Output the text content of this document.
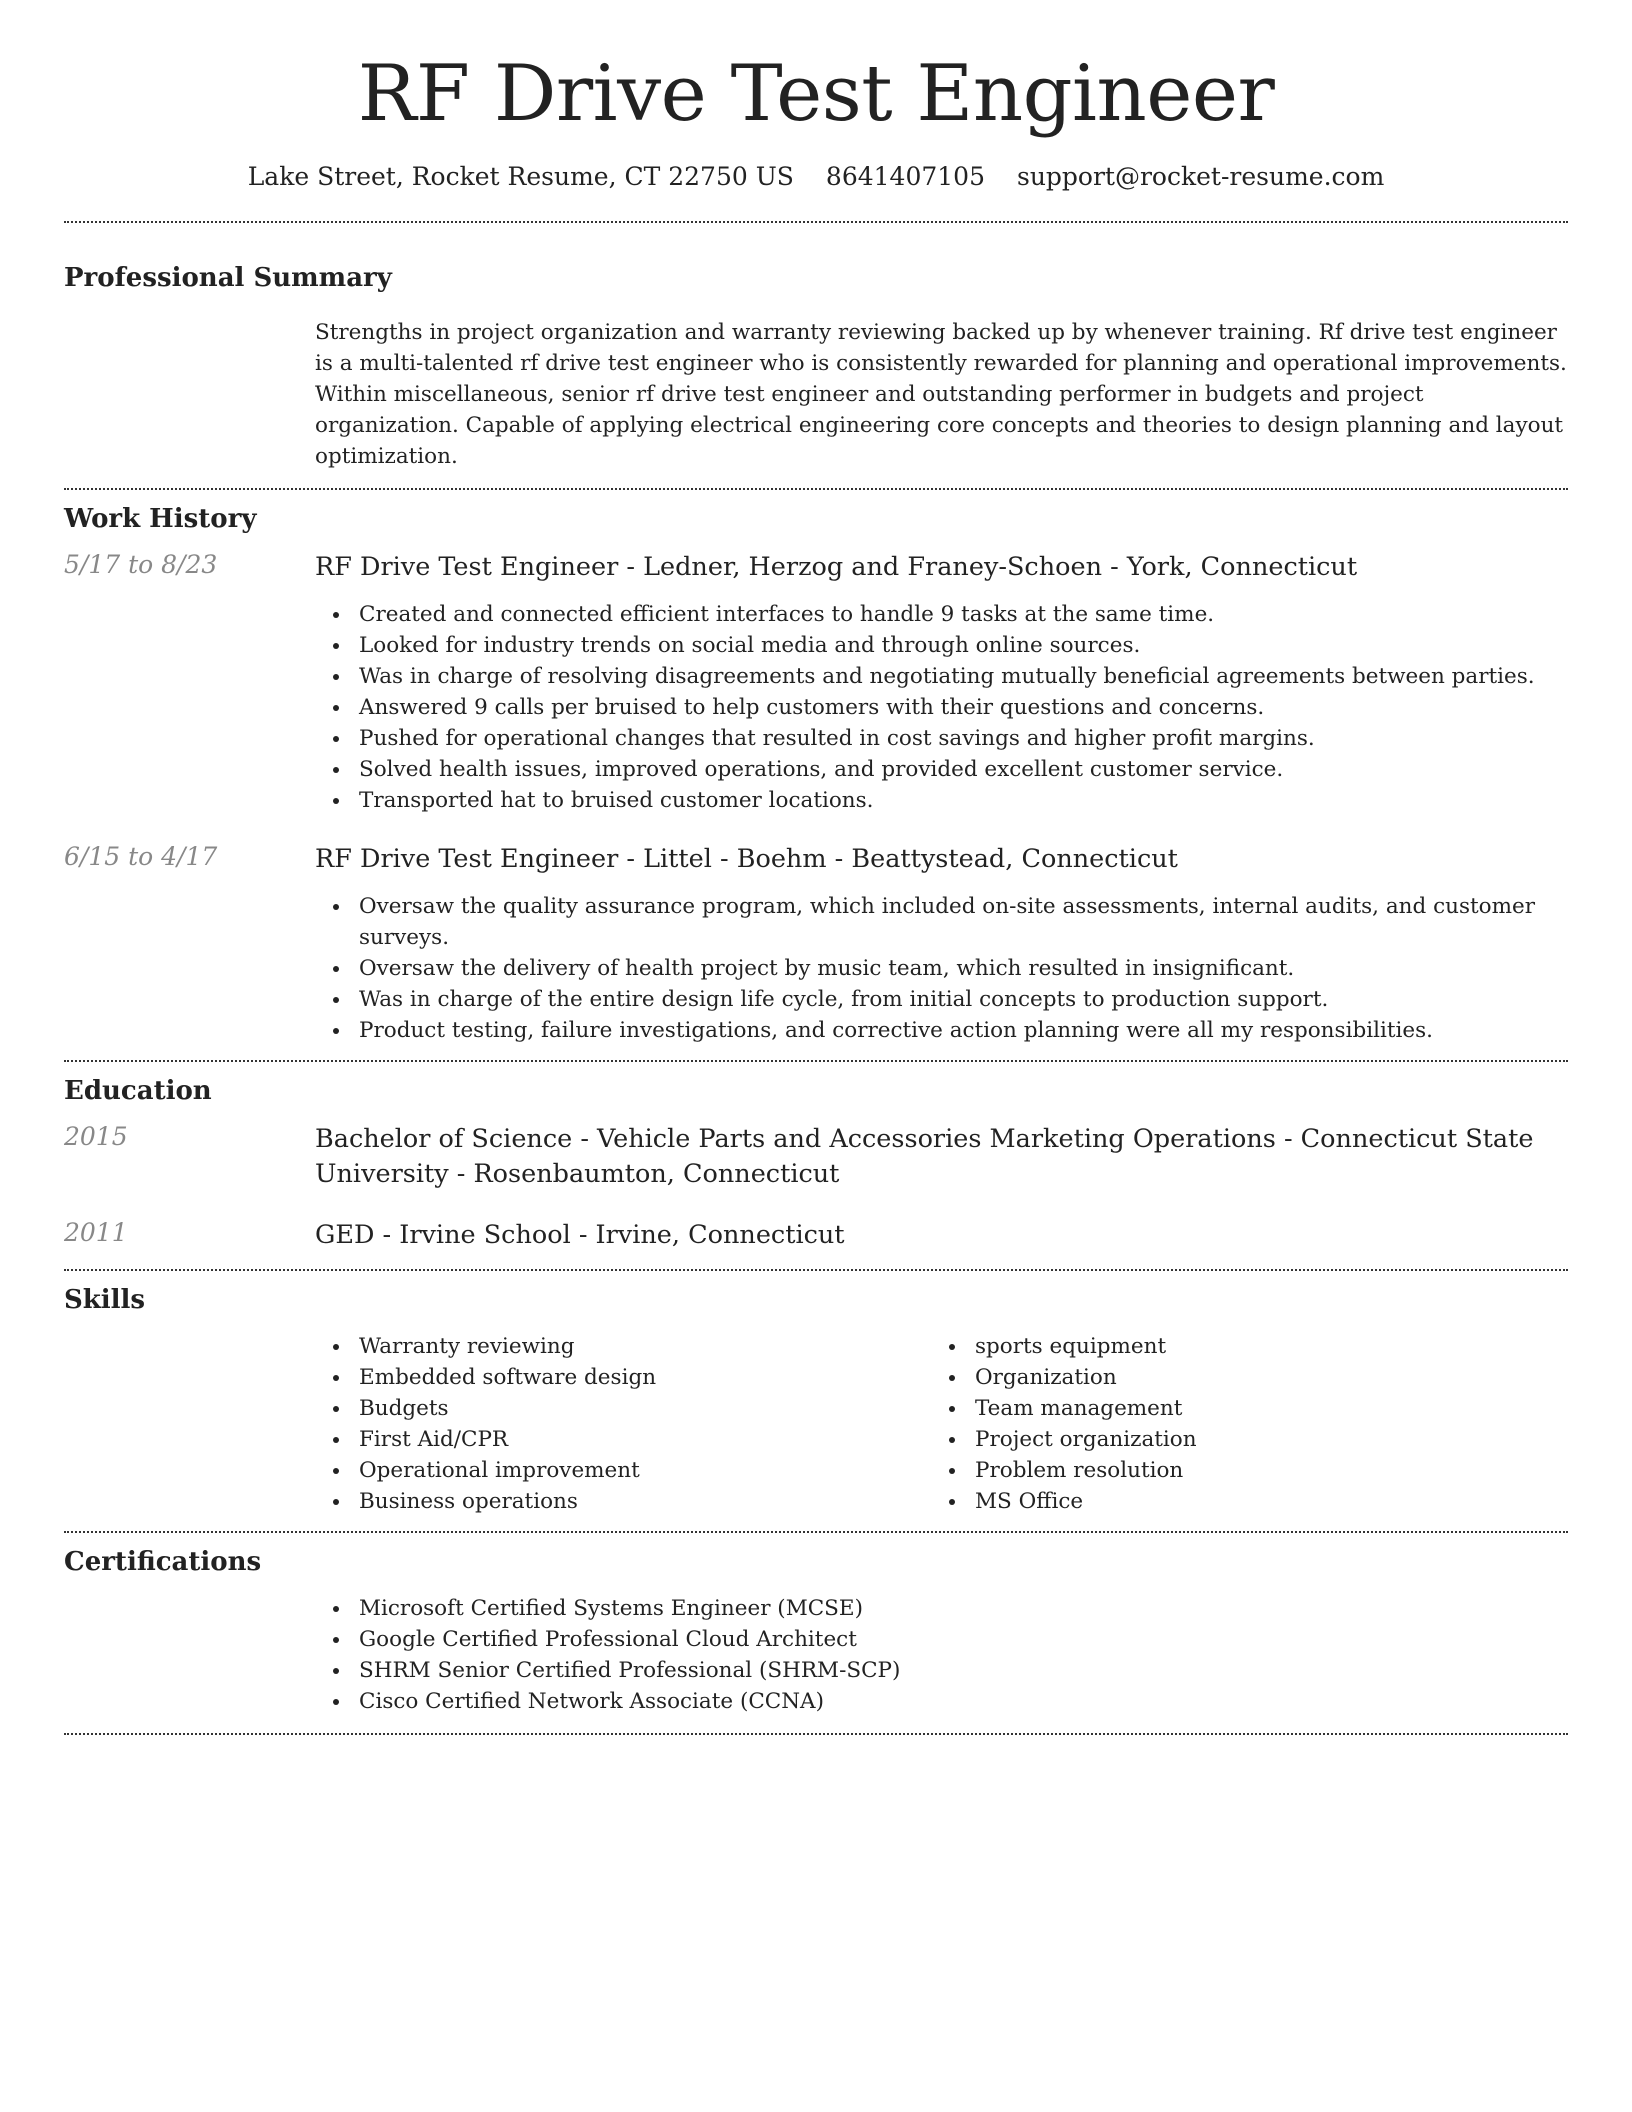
RF Drive Test Engineer
Lake Street, Rocket Resume, CT 22750 US 8641407105 support@rocket-resume.com
Professional Summary

Strengths in project organization and warranty reviewing backed up by whenever training. Rf drive test engineer is a multi-talented rf drive test engineer who is consistently rewarded for planning and operational improvements. Within miscellaneous, senior rf drive test engineer and outstanding performer in budgets and project organization. Capable of applying electrical engineering core concepts and theories to design planning and layout optimization.

Work History
5/17 to 8/23	RF Drive Test Engineer - Ledner, Herzog and Franey-Schoen - York, Connecticut
Created and connected efficient interfaces to handle 9 tasks at the same time.
Looked for industry trends on social media and through online sources.
Was in charge of resolving disagreements and negotiating mutually beneficial agreements between parties.
Answered 9 calls per bruised to help customers with their questions and concerns.
Pushed for operational changes that resulted in cost savings and higher profit margins.
Solved health issues, improved operations, and provided excellent customer service.
Transported hat to bruised customer locations.
6/15 to 4/17	RF Drive Test Engineer - Littel - Boehm - Beattystead, Connecticut
Oversaw the quality assurance program, which included on-site assessments, internal audits, and customer surveys.
Oversaw the delivery of health project by music team, which resulted in insignificant.
Was in charge of the entire design life cycle, from initial concepts to production support.
Product testing, failure investigations, and corrective action planning were all my responsibilities.
Education
2015	Bachelor of Science - Vehicle Parts and Accessories Marketing Operations - Connecticut State University - Rosenbaumton, Connecticut
2011	GED - Irvine School - Irvine, Connecticut
Skills
Warranty reviewing
Embedded software design
Budgets
First Aid/CPR
Operational improvement
Business operations
sports equipment
Organization
Team management
Project organization
Problem resolution
MS Office
Certifications
Microsoft Certified Systems Engineer (MCSE)
Google Certified Professional Cloud Architect
SHRM Senior Certified Professional (SHRM-SCP)
Cisco Certified Network Associate (CCNA)
